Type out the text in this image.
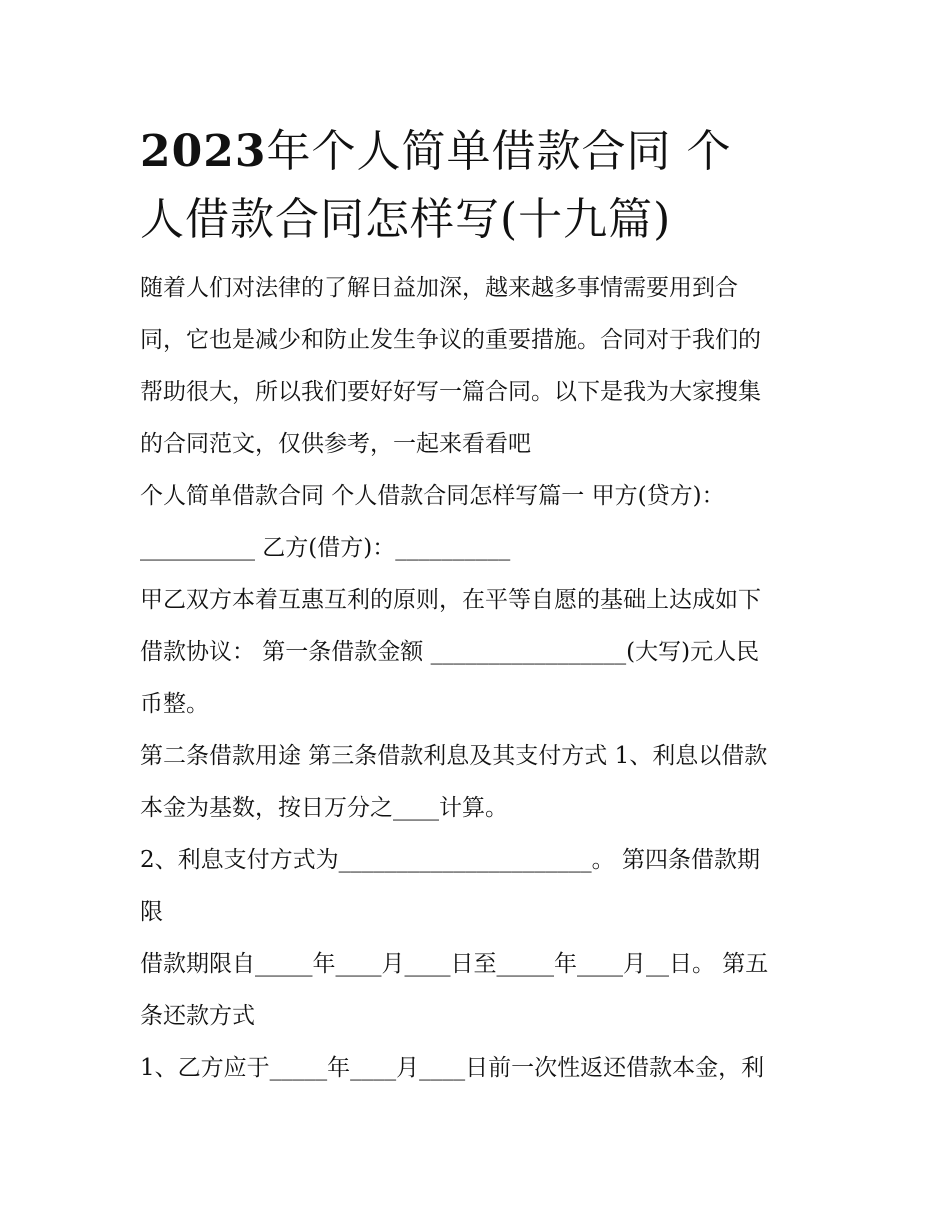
2023年个人简单借款合同 个
人借款合同怎样写(十九篇)
随着人们对法律的了解日益加深，越来越多事情需要用到合
同，它也是减少和防止发生争议的重要措施。合同对于我们的
帮助很大，所以我们要好好写一篇合同。以下是我为大家搜集
的合同范文，仅供参考，一起来看看吧
个人简单借款合同 个人借款合同怎样写篇一 甲方(贷方)：
__________ 乙方(借方)：__________
甲乙双方本着互惠互利的原则，在平等自愿的基础上达成如下
借款协议： 第一条借款金额 _________________(大写)元人民
币整。
第二条借款用途 第三条借款利息及其支付方式 1、利息以借款
本金为基数，按日万分之____计算。
2、利息支付方式为______________________。 第四条借款期
限
借款期限自_____年____月____日至_____年____月__日。 第五
条还款方式
1、乙方应于_____年____月____日前一次性返还借款本金，利
